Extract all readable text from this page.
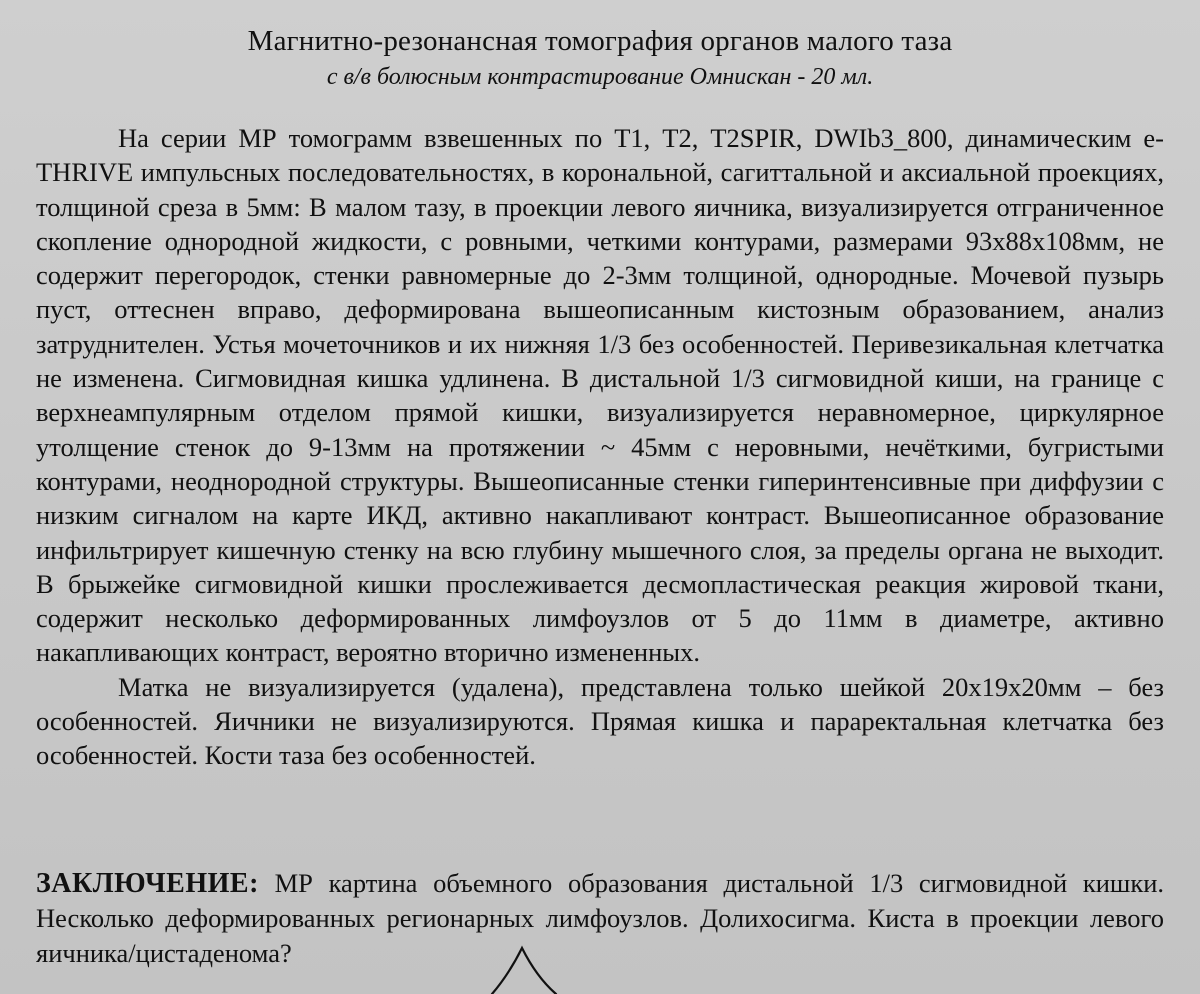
Магнитно-резонансная томография органов малого таза
с в/в болюсным контрастирование Омнискан - 20 мл.

На серии МР томограмм взвешенных по Т1, Т2, T2SPIR, DWIb3_800, динамическим e-THRIVE импульсных последовательностях, в корональной, сагиттальной и аксиальной проекциях, толщиной среза в 5мм: В малом тазу, в проекции левого яичника, визуализируется отграниченное скопление однородной жидкости, с ровными, четкими контурами, размерами 93х88х108мм, не содержит перегородок, стенки равномерные до 2-3мм толщиной, однородные. Мочевой пузырь пуст, оттеснен вправо, деформирована вышеописанным кистозным образованием, анализ затруднителен. Устья мочеточников и их нижняя 1/3 без особенностей. Перивезикальная клетчатка не изменена. Сигмовидная кишка удлинена. В дистальной 1/3 сигмовидной киши, на границе с верхнеампулярным отделом прямой кишки, визуализируется неравномерное, циркулярное утолщение стенок до 9-13мм на протяжении ~ 45мм с неровными, нечёткими, бугристыми контурами, неоднородной структуры. Вышеописанные стенки гиперинтенсивные при диффузии с низким сигналом на карте ИКД, активно накапливают контраст. Вышеописанное образование инфильтрирует кишечную стенку на всю глубину мышечного слоя, за пределы органа не выходит. В брыжейке сигмовидной кишки прослеживается десмопластическая реакция жировой ткани, содержит несколько деформированных лимфоузлов от 5 до 11мм в диаметре, активно накапливающих контраст, вероятно вторично измененных.

Матка не визуализируется (удалена), представлена только шейкой 20х19х20мм – без особенностей. Яичники не визуализируются. Прямая кишка и параректальная клетчатка без особенностей. Кости таза без особенностей.

ЗАКЛЮЧЕНИЕ: МР картина объемного образования дистальной 1/3 сигмовидной кишки. Несколько деформированных регионарных лимфоузлов. Долихосигма. Киста в проекции левого яичника/цистаденома?
